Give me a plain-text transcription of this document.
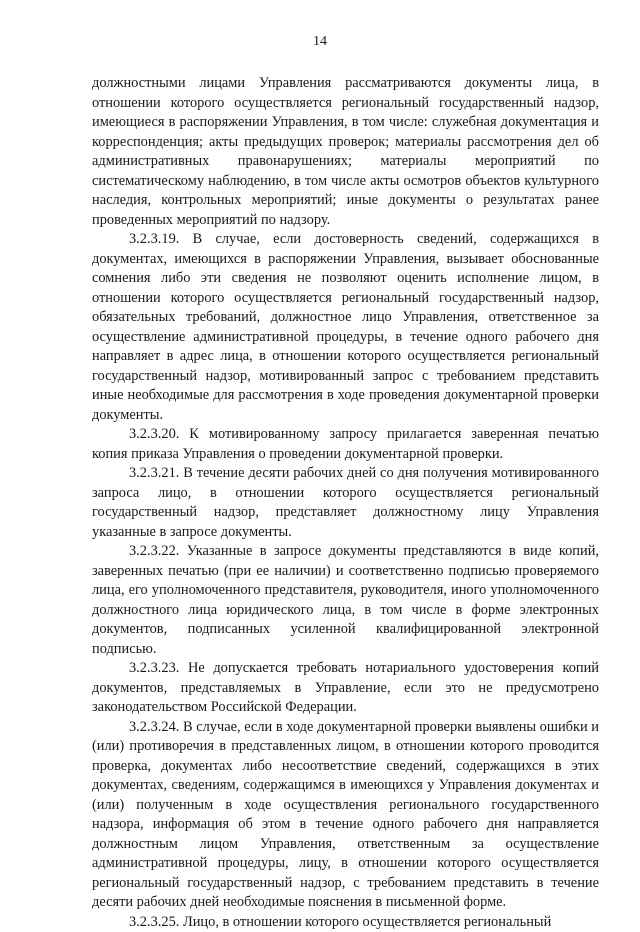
14

должностными лицами Управления рассматриваются документы лица, в отношении которого осуществляется региональный государственный надзор, имеющиеся в распоряжении Управления, в том числе: служебная документация и корреспонденция; акты предыдущих проверок; материалы рассмотрения дел об административных правонарушениях; материалы мероприятий по систематическому наблюдению, в том числе акты осмотров объектов культурного наследия, контрольных мероприятий; иные документы о результатах ранее проведенных мероприятий по надзору.

3.2.3.19. В случае, если достоверность сведений, содержащихся в документах, имеющихся в распоряжении Управления, вызывает обоснованные сомнения либо эти сведения не позволяют оценить исполнение лицом, в отношении которого осуществляется региональный государственный надзор, обязательных требований, должностное лицо Управления, ответственное за осуществление административной процедуры, в течение одного рабочего дня направляет в адрес лица, в отношении которого осуществляется региональный государственный надзор, мотивированный запрос с требованием представить иные необходимые для рассмотрения в ходе проведения документарной проверки документы.

3.2.3.20. К мотивированному запросу прилагается заверенная печатью копия приказа Управления о проведении документарной проверки.

3.2.3.21. В течение десяти рабочих дней со дня получения мотивированного запроса лицо, в отношении которого осуществляется региональный государственный надзор, представляет должностному лицу Управления указанные в запросе документы.

3.2.3.22. Указанные в запросе документы представляются в виде копий, заверенных печатью (при ее наличии) и соответственно подписью проверяемого лица, его уполномоченного представителя, руководителя, иного уполномоченного должностного лица юридического лица, в том числе в форме электронных документов, подписанных усиленной квалифицированной электронной подписью.

3.2.3.23. Не допускается требовать нотариального удостоверения копий документов, представляемых в Управление, если это не предусмотрено законодательством Российской Федерации.

3.2.3.24. В случае, если в ходе документарной проверки выявлены ошибки и (или) противоречия в представленных лицом, в отношении которого проводится проверка, документах либо несоответствие сведений, содержащихся в этих документах, сведениям, содержащимся в имеющихся у Управления документах и (или) полученным в ходе осуществления регионального государственного надзора, информация об этом в течение одного рабочего дня направляется должностным лицом Управления, ответственным за осуществление административной процедуры, лицу, в отношении которого осуществляется региональный государственный надзор, с требованием представить в течение десяти рабочих дней необходимые пояснения в письменной форме.

3.2.3.25. Лицо, в отношении которого осуществляется региональный
